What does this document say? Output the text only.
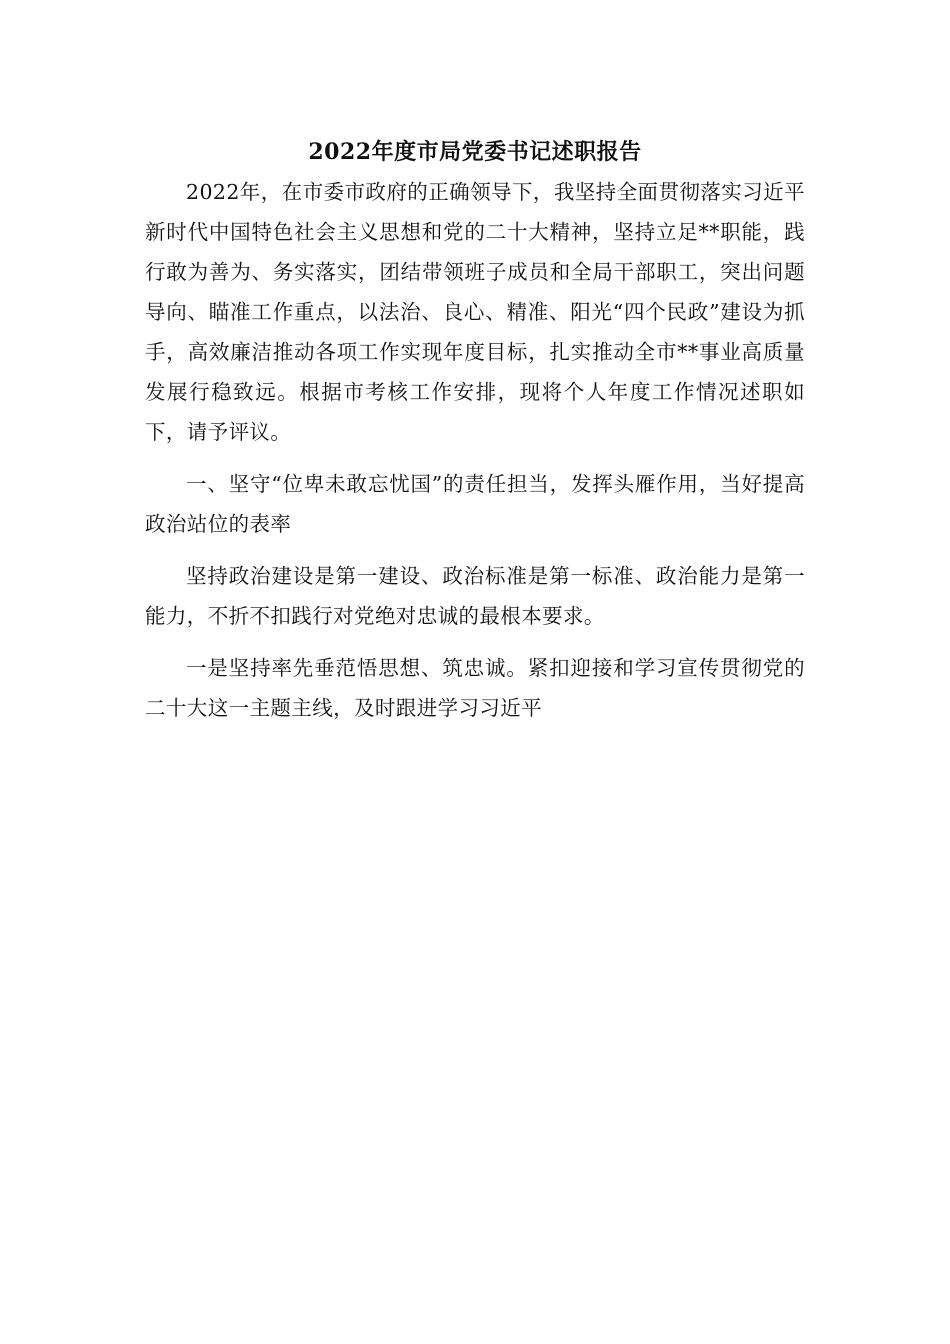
2022年度市局党委书记述职报告

2022年，在市委市政府的正确领导下，我坚持全面贯彻落实习近平新时代中国特色社会主义思想和党的二十大精神，坚持立足**职能，践行敢为善为、务实落实，团结带领班子成员和全局干部职工，突出问题导向、瞄准工作重点，以法治、良心、精准、阳光“四个民政”建设为抓手，高效廉洁推动各项工作实现年度目标，扎实推动全市**事业高质量发展行稳致远。根据市考核工作安排，现将个人年度工作情况述职如下，请予评议。

一、坚守“位卑未敢忘忧国”的责任担当，发挥头雁作用，当好提高政治站位的表率

坚持政治建设是第一建设、政治标准是第一标准、政治能力是第一能力，不折不扣践行对党绝对忠诚的最根本要求。

一是坚持率先垂范悟思想、筑忠诚。紧扣迎接和学习宣传贯彻党的二十大这一主题主线，及时跟进学习习近平
